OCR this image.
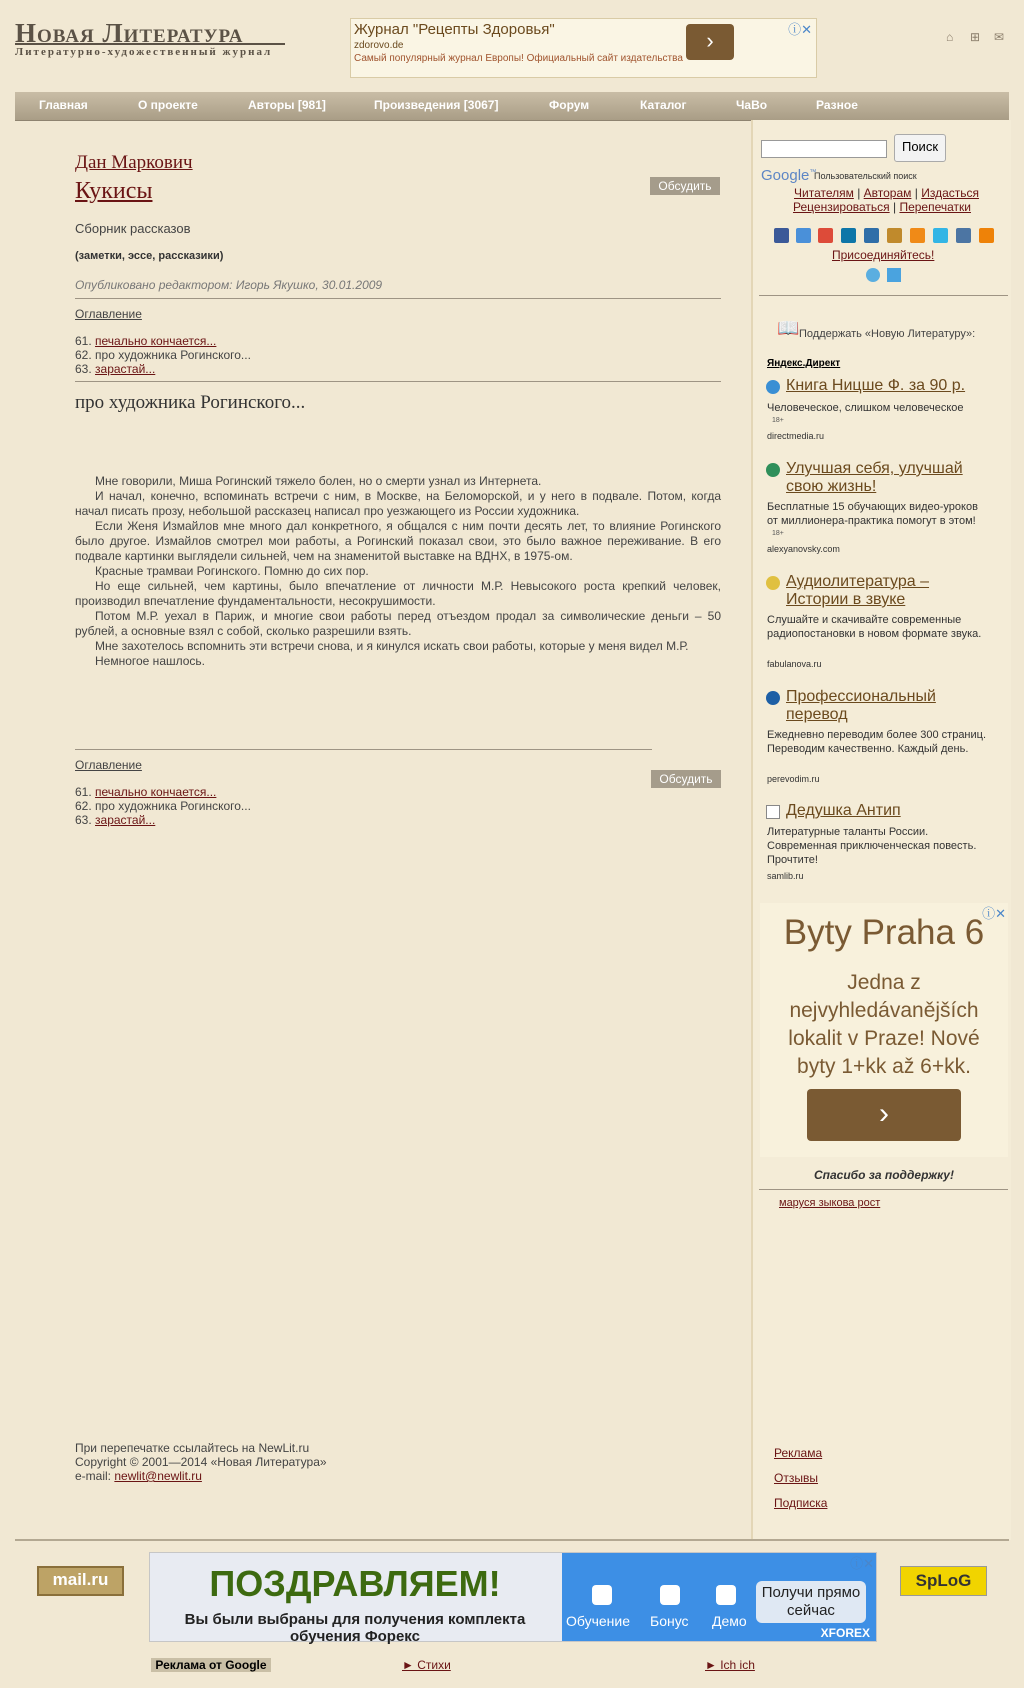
Новая Литература
Литературно-художественный журнал
Журнал "Рецепты Здоровья"
zdorovo.de
Самый популярный журнал Европы! Официальный сайт издательства
›	ⓘ✕	⌂ ⊞ ✉
Главная	О проекте	Авторы [981]	Произведения [3067]	Форум	Каталог	ЧаВо	Разное
Дан Маркович
Кукисы	Обсудить
Сборник рассказов
(заметки, эссе, рассказики)
Опубликовано редактором: Игорь Якушко, 30.01.2009
Оглавление
61. печально кончается...
62. про художника Рогинского...
63. зарастай...
про художника Рогинского...

Мне говорили, Миша Рогинский тяжело болен, но о смерти узнал из Интернета.

И начал, конечно, вспоминать встречи с ним, в Москве, на Беломорской, и у него в подвале. Потом, когда начал писать прозу, небольшой рассказец написал про уезжающего из России художника.

Если Женя Измайлов мне много дал конкретного, я общался с ним почти десять лет, то влияние Рогинского было другое. Измайлов смотрел мои работы, а Рогинский показал свои, это было важное переживание. В его подвале картинки выглядели сильней, чем на знаменитой выставке на ВДНХ, в 1975-ом.

Красные трамваи Рогинского. Помню до сих пор.

Но еще сильней, чем картины, было впечатление от личности М.Р. Невысокого роста крепкий человек, производил впечатление фундаментальности, несокрушимости.

Потом М.Р. уехал в Париж, и многие свои работы перед отъездом продал за символические деньги – 50 рублей, а основные взял с собой, сколько разрешили взять.

Мне захотелось вспомнить эти встречи снова, и я кинулся искать свои работы, которые у меня видел М.Р.

Немногое нашлось.

Оглавление
Обсудить
61. печально кончается...
62. про художника Рогинского...
63. зарастай...
При перепечатке ссылайтесь на NewLit.ru
Copyright © 2001—2014 «Новая Литература»
e-mail: newlit@newlit.ru
Реклама
Отзывы
Подписка
Поиск
Google™
Пользовательский поиск
Читателям | Авторам | Издасться
Рецензироваться | Перепечатки
Присоединяйтесь!
📖 Поддержать «Новую Литературу»:
Яндекс.Директ
Книга Ницше Ф. за 90 р.
Человеческое, слишком человеческое
18+
directmedia.ru
Улучшая себя, улучшай свою жизнь!
Бесплатные 15 обучающих видео-уроков от миллионера-практика помогут в этом!
18+
alexyanovsky.com
Аудиолитература – Истории в звуке
Слушайте и скачивайте современные радиопостановки в новом формате звука.
fabulanova.ru
Профессиональный перевод
Ежедневно переводим более 300 страниц. Переводим качественно. Каждый день.
perevodim.ru
Дедушка Антип
Литературные таланты России. Современная приключенческая повесть. Прочтите!
samlib.ru
Byty Praha 6
Jedna z nejvyhledávanějších lokalit v Praze! Nové byty 1+kk až 6+kk.
›
ⓘ✕
Спасибо за поддержку!
маруся зыкова рост
mail.ru	ПОЗДРАВЛЯЕМ!
Вы были выбраны для получения комплекта обучения Форекс
Обучение Бонус Демо
Получи прямо сейчас
XFOREX
ⓘ✕
SpLoG
Реклама от Google	► Стихи	► Ich ich
